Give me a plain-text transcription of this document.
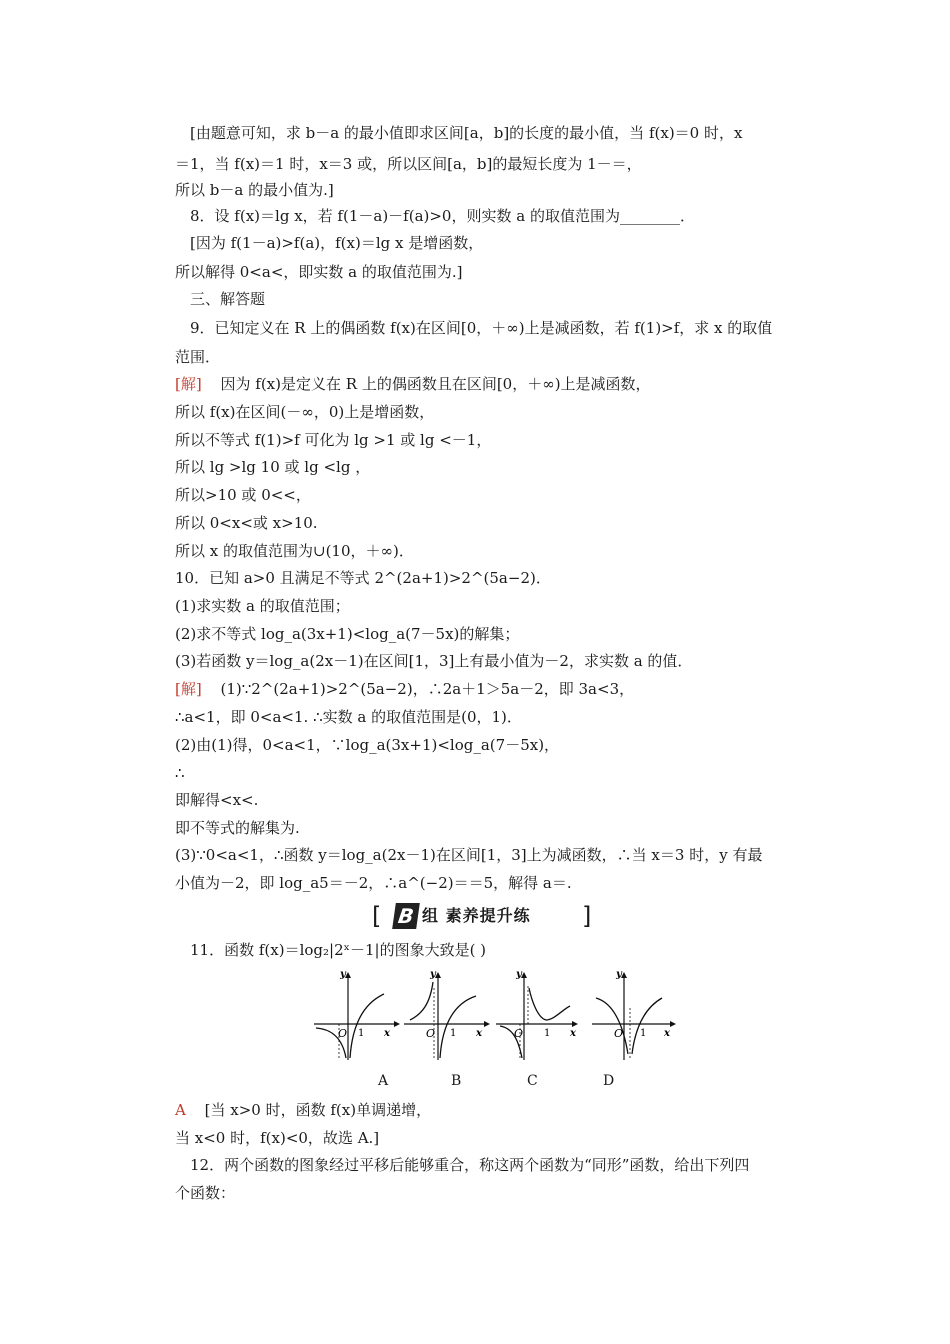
[由题意可知，求 b－a 的最小值即求区间[a，b]的长度的最小值，当 f(x)＝0 时，x
＝1，当 f(x)＝1 时，x＝3 或，所以区间[a，b]的最短长度为 1－＝，
所以 b－a 的最小值为.]
8．设 f(x)＝lg x，若 f(1－a)－f(a)>0，则实数 a 的取值范围为________．
[因为 f(1－a)>f(a)，f(x)＝lg x 是增函数，
所以解得 0<a<，即实数 a 的取值范围为.]
三、解答题
9．已知定义在 R 上的偶函数 f(x)在区间[0，＋∞)上是减函数，若 f(1)>f，求 x 的取值
范围．
[解] 因为 f(x)是定义在 R 上的偶函数且在区间[0，＋∞)上是减函数，
所以 f(x)在区间(－∞，0)上是增函数，
所以不等式 f(1)>f 可化为 lg >1 或 lg <－1，
所以 lg >lg 10 或 lg <lg ，
所以>10 或 0<<，
所以 0<x<或 x>10.
所以 x 的取值范围为∪(10，＋∞)．
10．已知 a>0 且满足不等式 2^(2a+1)>2^(5a−2)．
(1)求实数 a 的取值范围；
(2)求不等式 log_a(3x+1)<log_a(7－5x)的解集；
(3)若函数 y＝log_a(2x－1)在区间[1，3]上有最小值为－2，求实数 a 的值．
[解] (1)∵2^(2a+1)>2^(5a−2)，∴2a＋1＞5a－2，即 3a<3，
∴a<1，即 0<a<1. ∴实数 a 的取值范围是(0，1)．
(2)由(1)得，0<a<1，∵log_a(3x+1)<log_a(7－5x)，
∴
即解得<x<.
即不等式的解集为.
(3)∵0<a<1，∴函数 y＝log_a(2x－1)在区间[1，3]上为减函数，∴当 x＝3 时，y 有最
小值为－2，即 log_a5＝－2，∴a^(−2)＝＝5，解得 a＝.
[ B 组 素养提升练 ]
11．函数 f(x)＝log₂|2ˣ－1|的图象大致是( )
y
O 1 x
y
O 1 x
y
O 1 x
y
O 1 x
A	B	C	D
A [当 x>0 时，函数 f(x)单调递增，
当 x<0 时，f(x)<0，故选 A.]
12．两个函数的图象经过平移后能够重合，称这两个函数为“同形”函数，给出下列四
个函数：
